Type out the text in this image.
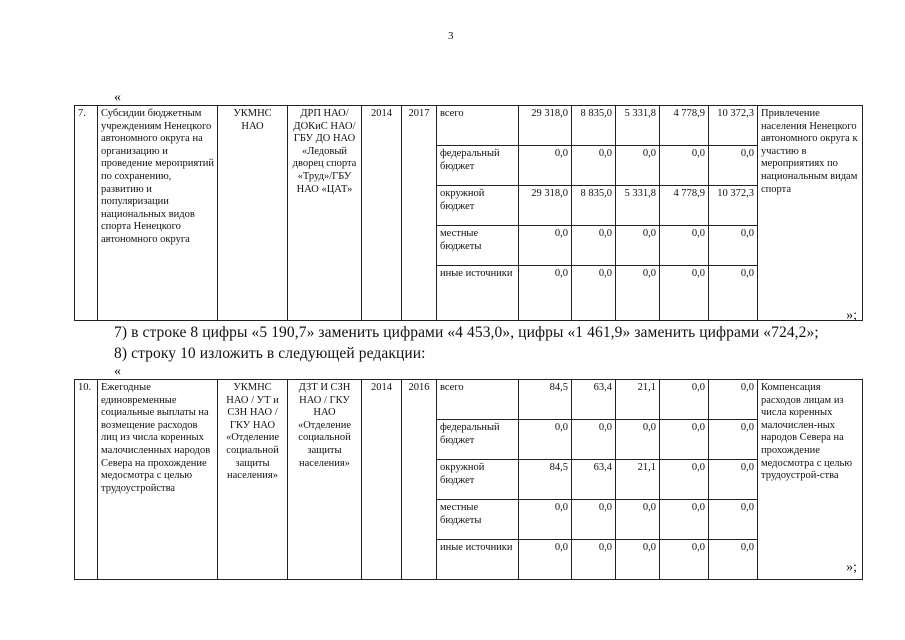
3
«
7.	Субсидии бюджетным учреждениям Ненецкого автономного округа на организацию и проведение мероприятий по сохранению, развитию и популяризации национальных видов спорта Ненецкого автономного округа	УКМНС НАО	ДРП НАО/ДОКиС НАО/ГБУ ДО НАО «Ледовый дворец спорта «Труд»/ГБУ НАО «ЦАТ»	2014	2017	всего	29 318,0	8 835,0	5 331,8	4 778,9	10 372,3	Привлечение населения Ненецкого автономного округа к участию в мероприятиях по национальным видам спорта
						федеральный бюджет	0,0	0,0	0,0	0,0	0,0	
						окружной бюджет	29 318,0	8 835,0	5 331,8	4 778,9	10 372,3	
						местные бюджеты	0,0	0,0	0,0	0,0	0,0	
						иные источники	0,0	0,0	0,0	0,0	0,0	
»;
7) в строке 8 цифры «5 190,7» заменить цифрами «4 453,0», цифры «1 461,9» заменить цифрами «724,2»;
8) строку 10 изложить в следующей редакции:
«
10.	Ежегодные единовременные социальные выплаты на возмещение расходов лиц из числа коренных малочисленных народов Севера на прохождение медосмотра с целью трудоустройства	УКМНС НАО / УТ и СЗН НАО / ГКУ НАО «Отделение социальной защиты населения»	ДЗТ И СЗН НАО / ГКУ НАО «Отделение социальной защиты населения»	2014	2016	всего	84,5	63,4	21,1	0,0	0,0	Компенсация расходов лицам из числа коренных малочислен-ных народов Севера на прохождение медосмотра с целью трудоустрой-ства
						федеральный бюджет	0,0	0,0	0,0	0,0	0,0	
						окружной бюджет	84,5	63,4	21,1	0,0	0,0	
						местные бюджеты	0,0	0,0	0,0	0,0	0,0	
						иные источники	0,0	0,0	0,0	0,0	0,0	
»;
